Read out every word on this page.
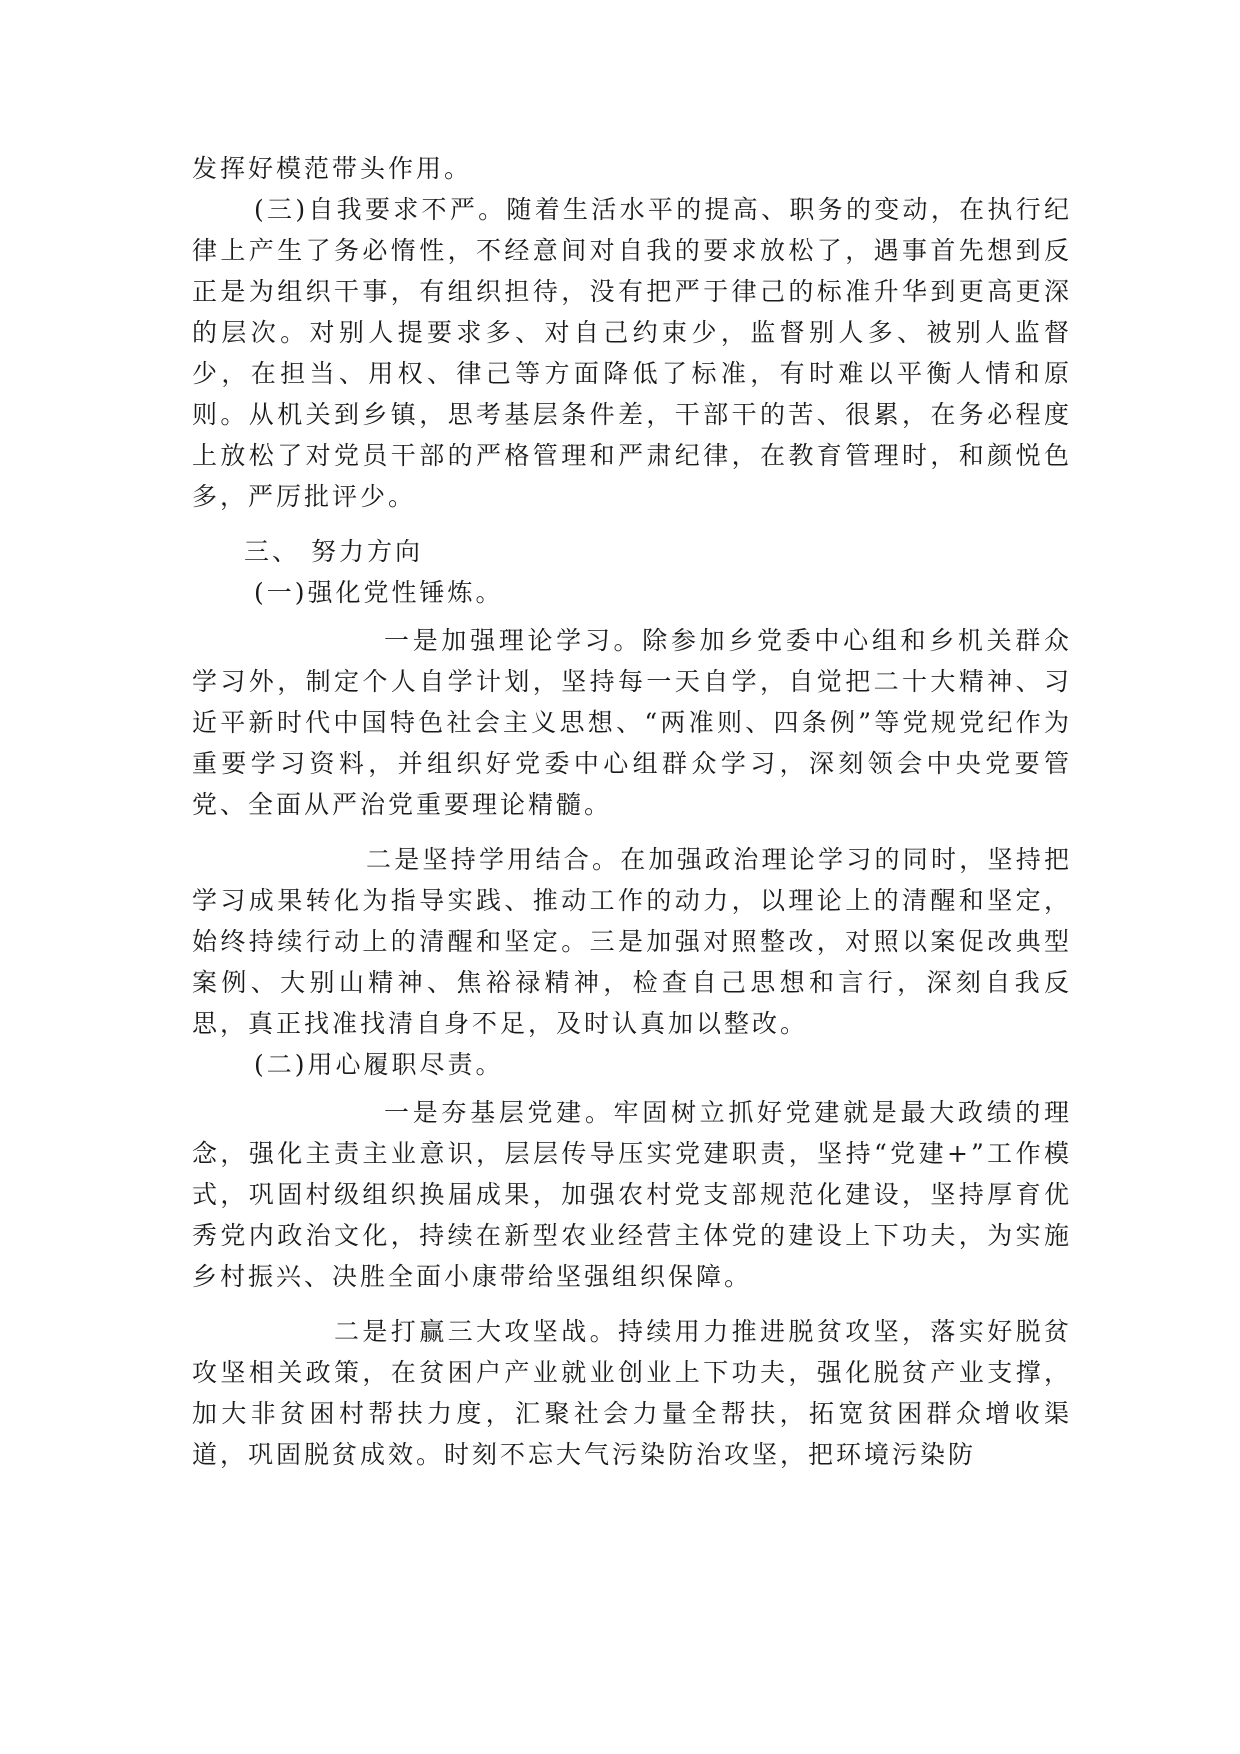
发挥好模范带头作用。

(三)自我要求不严。随着生活水平的提高、职务的变动，在执行纪律上产生了务必惰性，不经意间对自我的要求放松了，遇事首先想到反正是为组织干事，有组织担待，没有把严于律己的标准升华到更高更深的层次。对别人提要求多、对自己约束少，监督别人多、被别人监督少，在担当、用权、律己等方面降低了标准，有时难以平衡人情和原则。从机关到乡镇，思考基层条件差，干部干的苦、很累，在务必程度上放松了对党员干部的严格管理和严肃纪律，在教育管理时，和颜悦色多，严厉批评少。

三、 努力方向

(一)强化党性锤炼。

一是加强理论学习。除参加乡党委中心组和乡机关群众学习外，制定个人自学计划，坚持每一天自学，自觉把二十大精神、习近平新时代中国特色社会主义思想、“两准则、四条例”等党规党纪作为重要学习资料，并组织好党委中心组群众学习，深刻领会中央党要管党、全面从严治党重要理论精髓。

二是坚持学用结合。在加强政治理论学习的同时，坚持把学习成果转化为指导实践、推动工作的动力，以理论上的清醒和坚定，始终持续行动上的清醒和坚定。三是加强对照整改，对照以案促改典型案例、大别山精神、焦裕禄精神，检查自己思想和言行，深刻自我反思，真正找准找清自身不足，及时认真加以整改。

(二)用心履职尽责。

一是夯基层党建。牢固树立抓好党建就是最大政绩的理念，强化主责主业意识，层层传导压实党建职责，坚持“党建+”工作模式，巩固村级组织换届成果，加强农村党支部规范化建设，坚持厚育优秀党内政治文化，持续在新型农业经营主体党的建设上下功夫，为实施乡村振兴、决胜全面小康带给坚强组织保障。

二是打赢三大攻坚战。持续用力推进脱贫攻坚，落实好脱贫攻坚相关政策，在贫困户产业就业创业上下功夫，强化脱贫产业支撑，加大非贫困村帮扶力度，汇聚社会力量全帮扶，拓宽贫困群众增收渠道，巩固脱贫成效。时刻不忘大气污染防治攻坚，把环境污染防
